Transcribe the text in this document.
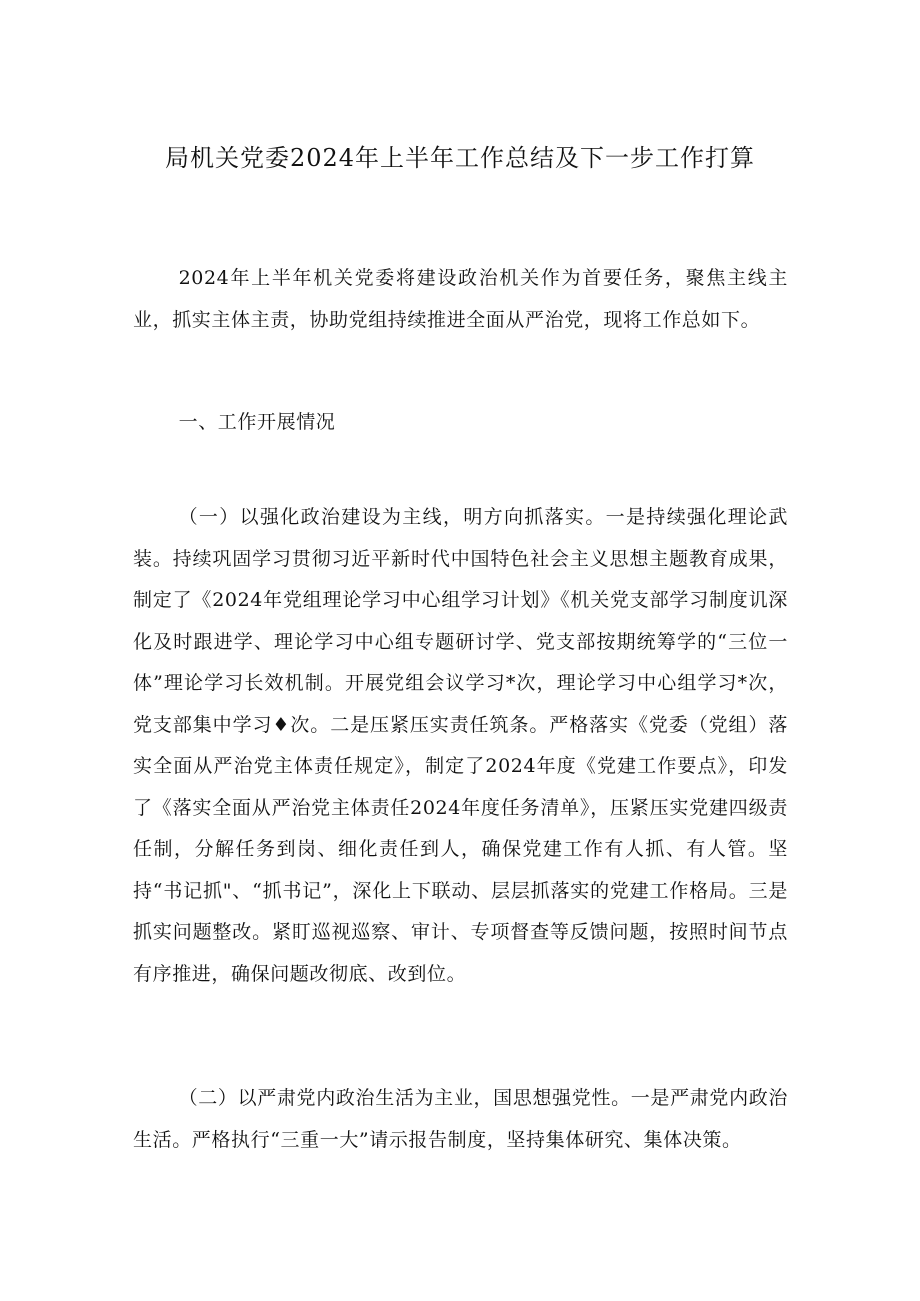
局机关党委2024年上半年工作总结及下一步工作打算

2024年上半年机关党委将建设政治机关作为首要任务，聚焦主线主业，抓实主体主责，协助党组持续推进全面从严治党，现将工作总如下。

一、工作开展情况

（一）以强化政治建设为主线，明方向抓落实。一是持续强化理论武装。持续巩固学习贯彻习近平新时代中国特色社会主义思想主题教育成果，制定了《2024年党组理论学习中心组学习计划》《机关党支部学习制度讥深化及时跟进学、理论学习中心组专题研讨学、党支部按期统筹学的“三位一体”理论学习长效机制。开展党组会议学习*次，理论学习中心组学习*次，党支部集中学习♦次。二是压紧压实责任筑条。严格落实《党委（党组）落实全面从严治党主体责任规定》，制定了2024年度《党建工作要点》，印发了《落实全面从严治党主体责任2024年度任务清单》，压紧压实党建四级责任制，分解任务到岗、细化责任到人，确保党建工作有人抓、有人管。坚持“书记抓"、“抓书记”，深化上下联动、层层抓落实的党建工作格局。三是抓实问题整改。紧盯巡视巡察、审计、专项督查等反馈问题，按照时间节点有序推进，确保问题改彻底、改到位。

（二）以严肃党内政治生活为主业，国思想强党性。一是严肃党内政治生活。严格执行“三重一大”请示报告制度，坚持集体研究、集体决策。
